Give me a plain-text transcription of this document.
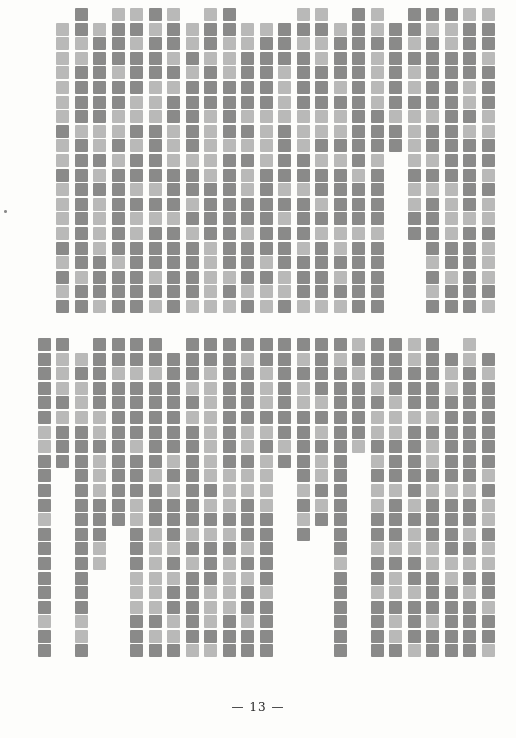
— 13 —
